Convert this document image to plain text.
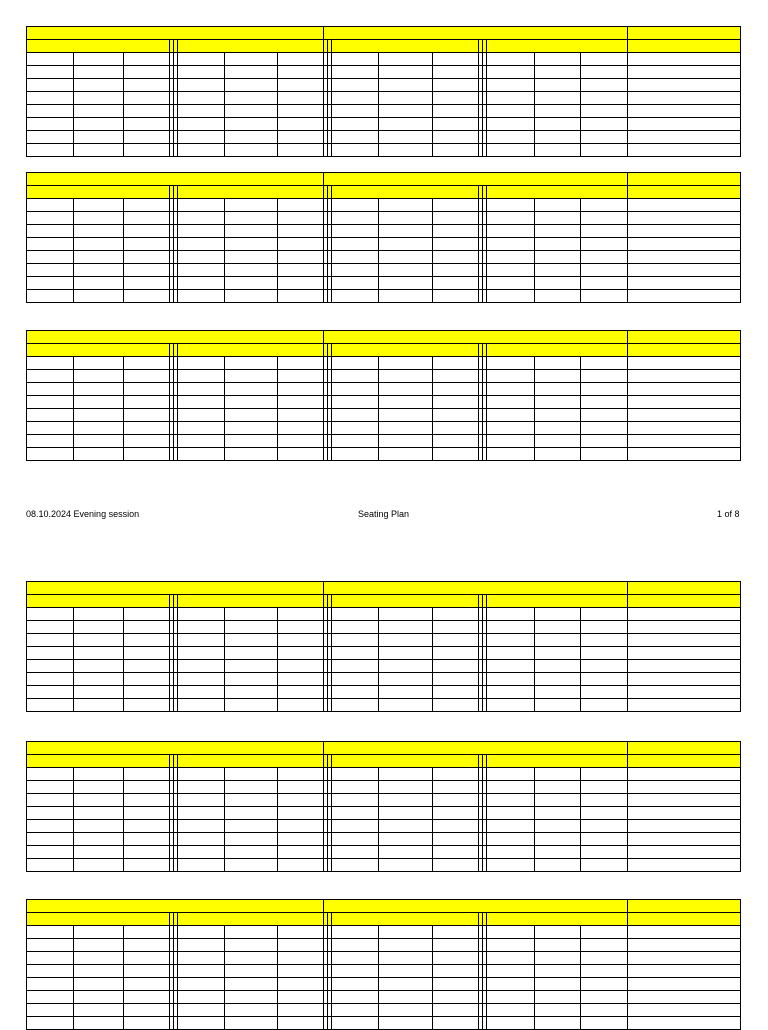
08.10.2024 Evening session	Seating Plan	1 of 8
